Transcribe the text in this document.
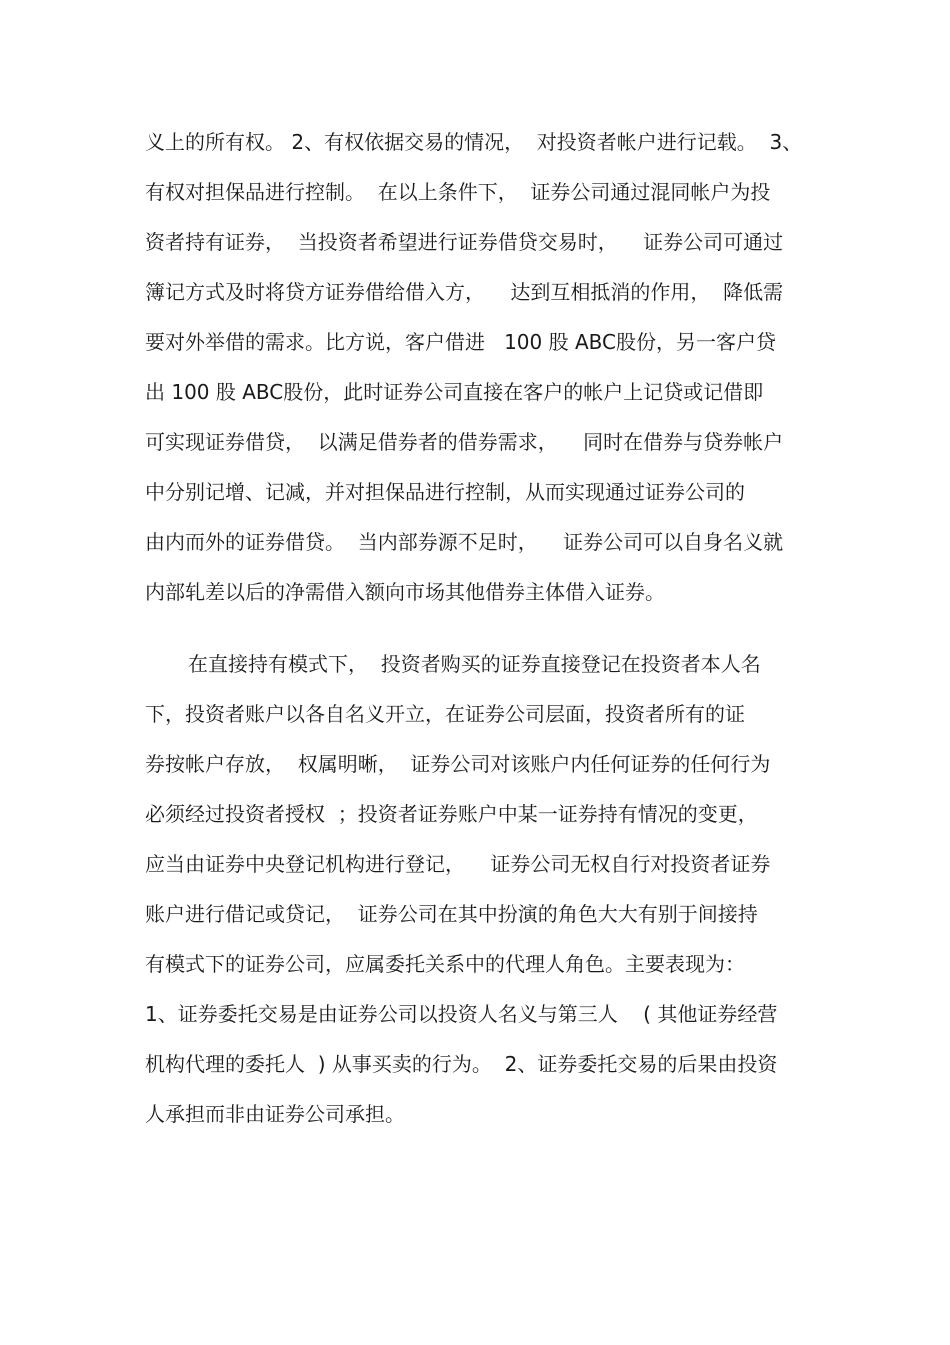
义上的所有权。 2、有权依据交易的情况，  对投资者帐户进行记载。  3、
有权对担保品进行控制。  在以上条件下，  证券公司通过混同帐户为投
资者持有证券，  当投资者希望进行证券借贷交易时，    证券公司可通过
簿记方式及时将贷方证券借给借入方，    达到互相抵消的作用，  降低需
要对外举借的需求。比方说，客户借进   100 股 ABC股份，另一客户贷
出 100 股 ABC股份，此时证券公司直接在客户的帐户上记贷或记借即
可实现证券借贷，  以满足借券者的借券需求，    同时在借券与贷券帐户
中分别记增、记减，并对担保品进行控制，从而实现通过证券公司的
由内而外的证券借贷。  当内部券源不足时，    证券公司可以自身名义就
内部轧差以后的净需借入额向市场其他借券主体借入证券。
在直接持有模式下，  投资者购买的证券直接登记在投资者本人名
下，投资者账户以各自名义开立，在证券公司层面，投资者所有的证
券按帐户存放，  权属明晰，  证券公司对该账户内任何证券的任何行为
必须经过投资者授权  ；投资者证券账户中某一证券持有情况的变更，
应当由证券中央登记机构进行登记，    证券公司无权自行对投资者证券
账户进行借记或贷记，  证券公司在其中扮演的角色大大有别于间接持
有模式下的证券公司，应属委托关系中的代理人角色。主要表现为：
1、证券委托交易是由证券公司以投资人名义与第三人    ( 其他证券经营
机构代理的委托人  ) 从事买卖的行为。  2、证券委托交易的后果由投资
人承担而非由证券公司承担。
